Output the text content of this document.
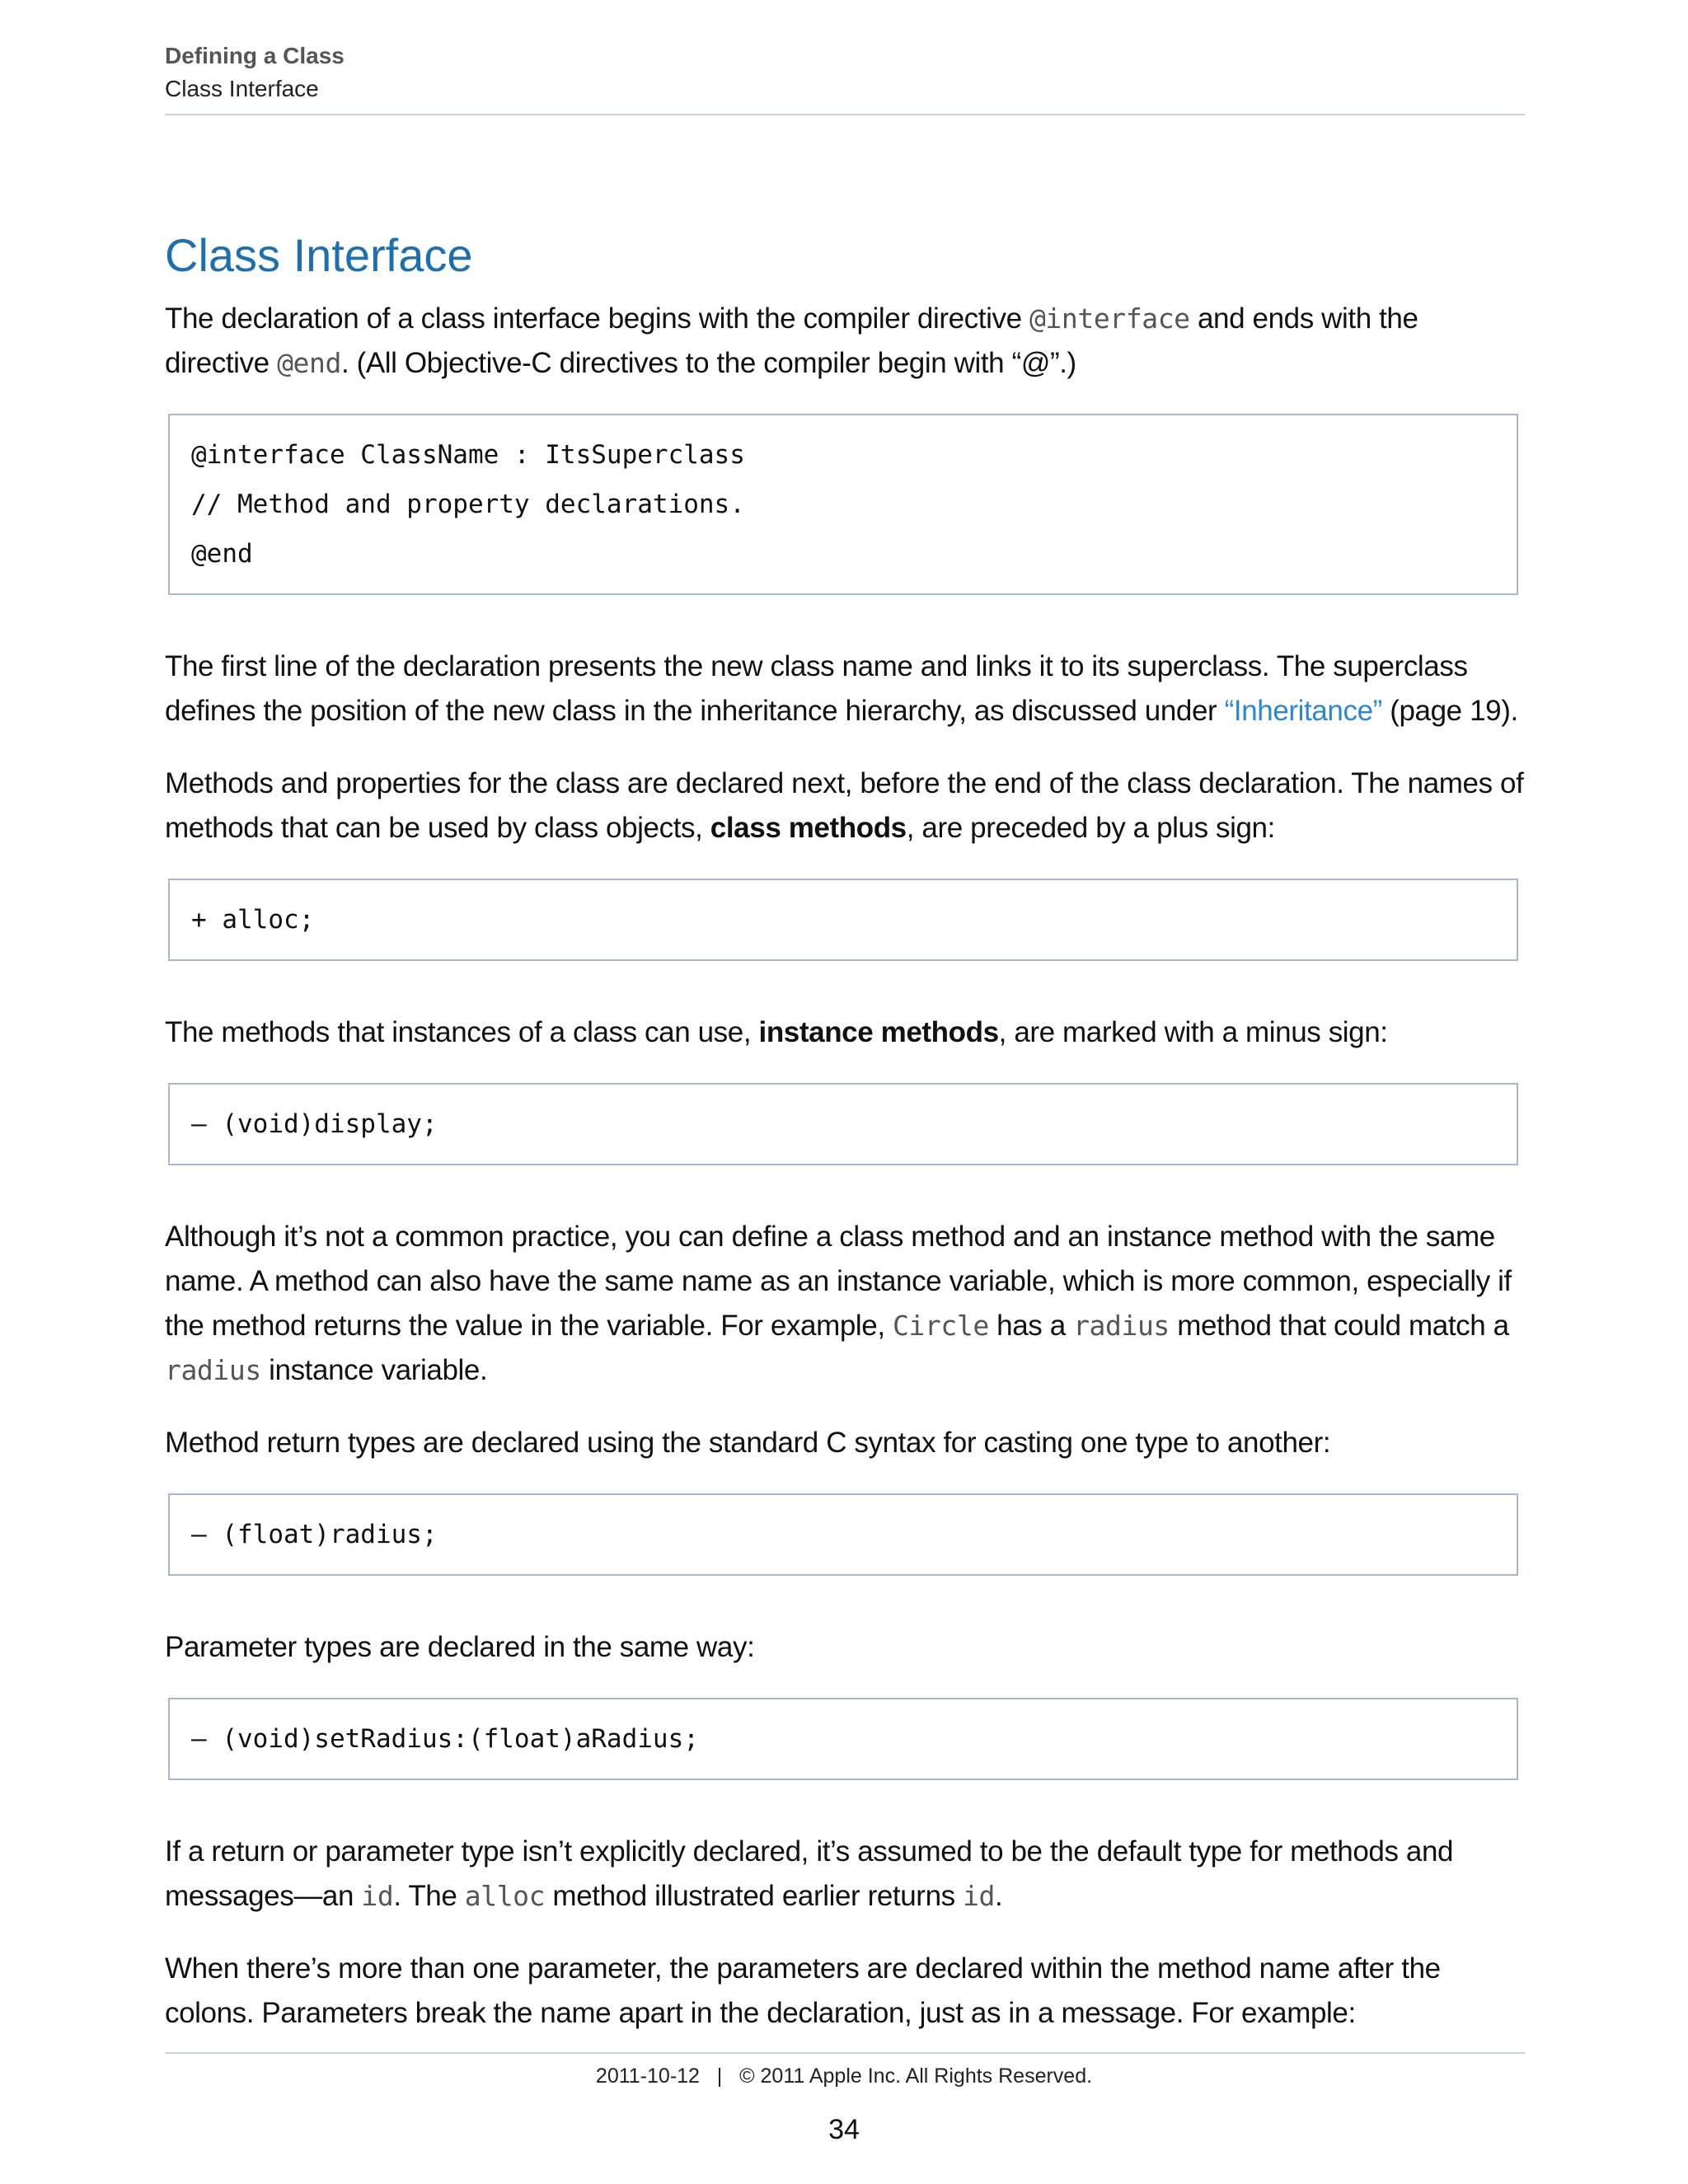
Defining a Class
Class Interface
Class Interface

The declaration of a class interface begins with the compiler directive @interface and ends with the directive @end. (All Objective-C directives to the compiler begin with “@”.)

@interface ClassName : ItsSuperclass
// Method and property declarations.
@end

The first line of the declaration presents the new class name and links it to its superclass. The superclass defines the position of the new class in the inheritance hierarchy, as discussed under “Inheritance” (page 19).

Methods and properties for the class are declared next, before the end of the class declaration. The names of methods that can be used by class objects, class methods, are preceded by a plus sign:

+ alloc;

The methods that instances of a class can use, instance methods, are marked with a minus sign:

– (void)display;

Although it’s not a common practice, you can define a class method and an instance method with the same name. A method can also have the same name as an instance variable, which is more common, especially if the method returns the value in the variable. For example, Circle has a radius method that could match a radius instance variable.

Method return types are declared using the standard C syntax for casting one type to another:

– (float)radius;

Parameter types are declared in the same way:

– (void)setRadius:(float)aRadius;

If a return or parameter type isn’t explicitly declared, it’s assumed to be the default type for methods and messages—an id. The alloc method illustrated earlier returns id.

When there’s more than one parameter, the parameters are declared within the method name after the colons. Parameters break the name apart in the declaration, just as in a message. For example:

2011-10-12 | © 2011 Apple Inc. All Rights Reserved.
34
